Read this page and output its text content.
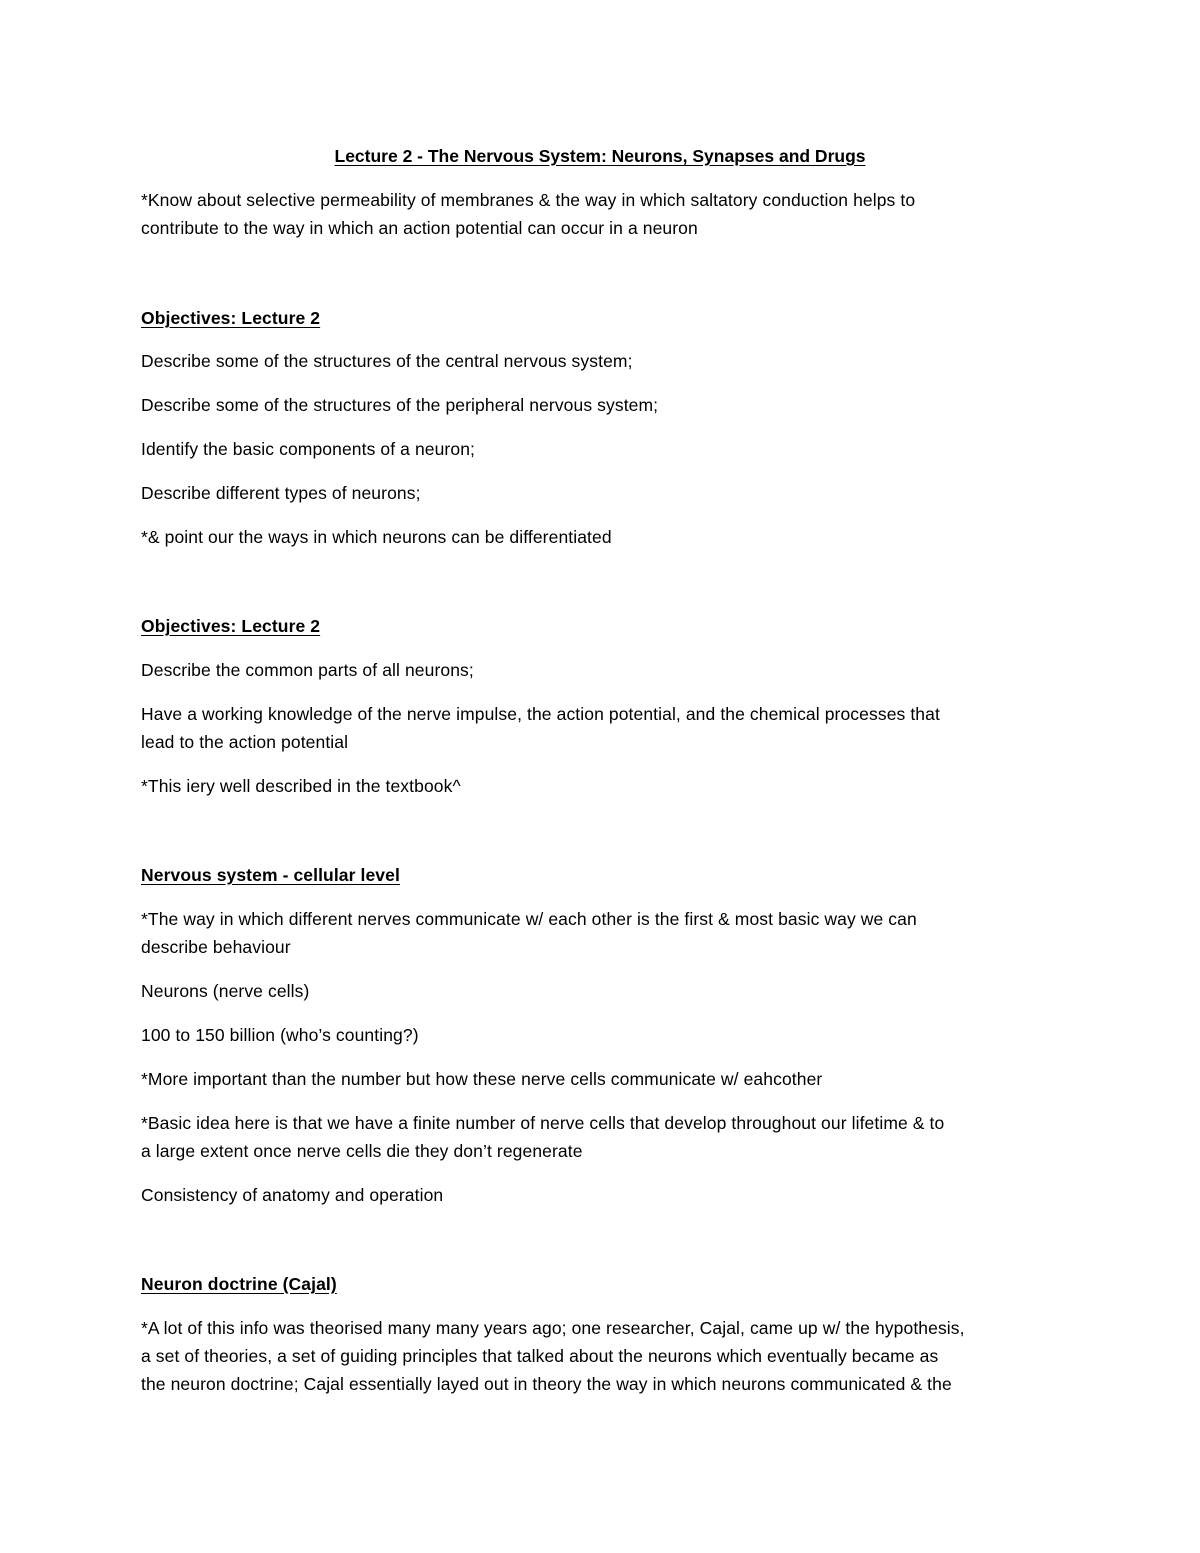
Lecture 2 - The Nervous System: Neurons, Synapses and Drugs

*Know about selective permeability of membranes & the way in which saltatory conduction helps to

contribute to the way in which an action potential can occur in a neuron

Objectives: Lecture 2

Describe some of the structures of the central nervous system;

Describe some of the structures of the peripheral nervous system;

Identify the basic components of a neuron;

Describe different types of neurons;

*& point our the ways in which neurons can be differentiated

Objectives: Lecture 2

Describe the common parts of all neurons;

Have a working knowledge of the nerve impulse, the action potential, and the chemical processes that

lead to the action potential

*This iery well described in the textbook^

Nervous system - cellular level

*The way in which different nerves communicate w/ each other is the first & most basic way we can

describe behaviour

Neurons (nerve cells)

100 to 150 billion (who’s counting?)

*More important than the number but how these nerve cells communicate w/ eahcother

*Basic idea here is that we have a finite number of nerve cells that develop throughout our lifetime & to

a large extent once nerve cells die they don’t regenerate

Consistency of anatomy and operation

Neuron doctrine (Cajal)

*A lot of this info was theorised many many years ago; one researcher, Cajal, came up w/ the hypothesis,

a set of theories, a set of guiding principles that talked about the neurons which eventually became as

the neuron doctrine; Cajal essentially layed out in theory the way in which neurons communicated & the
